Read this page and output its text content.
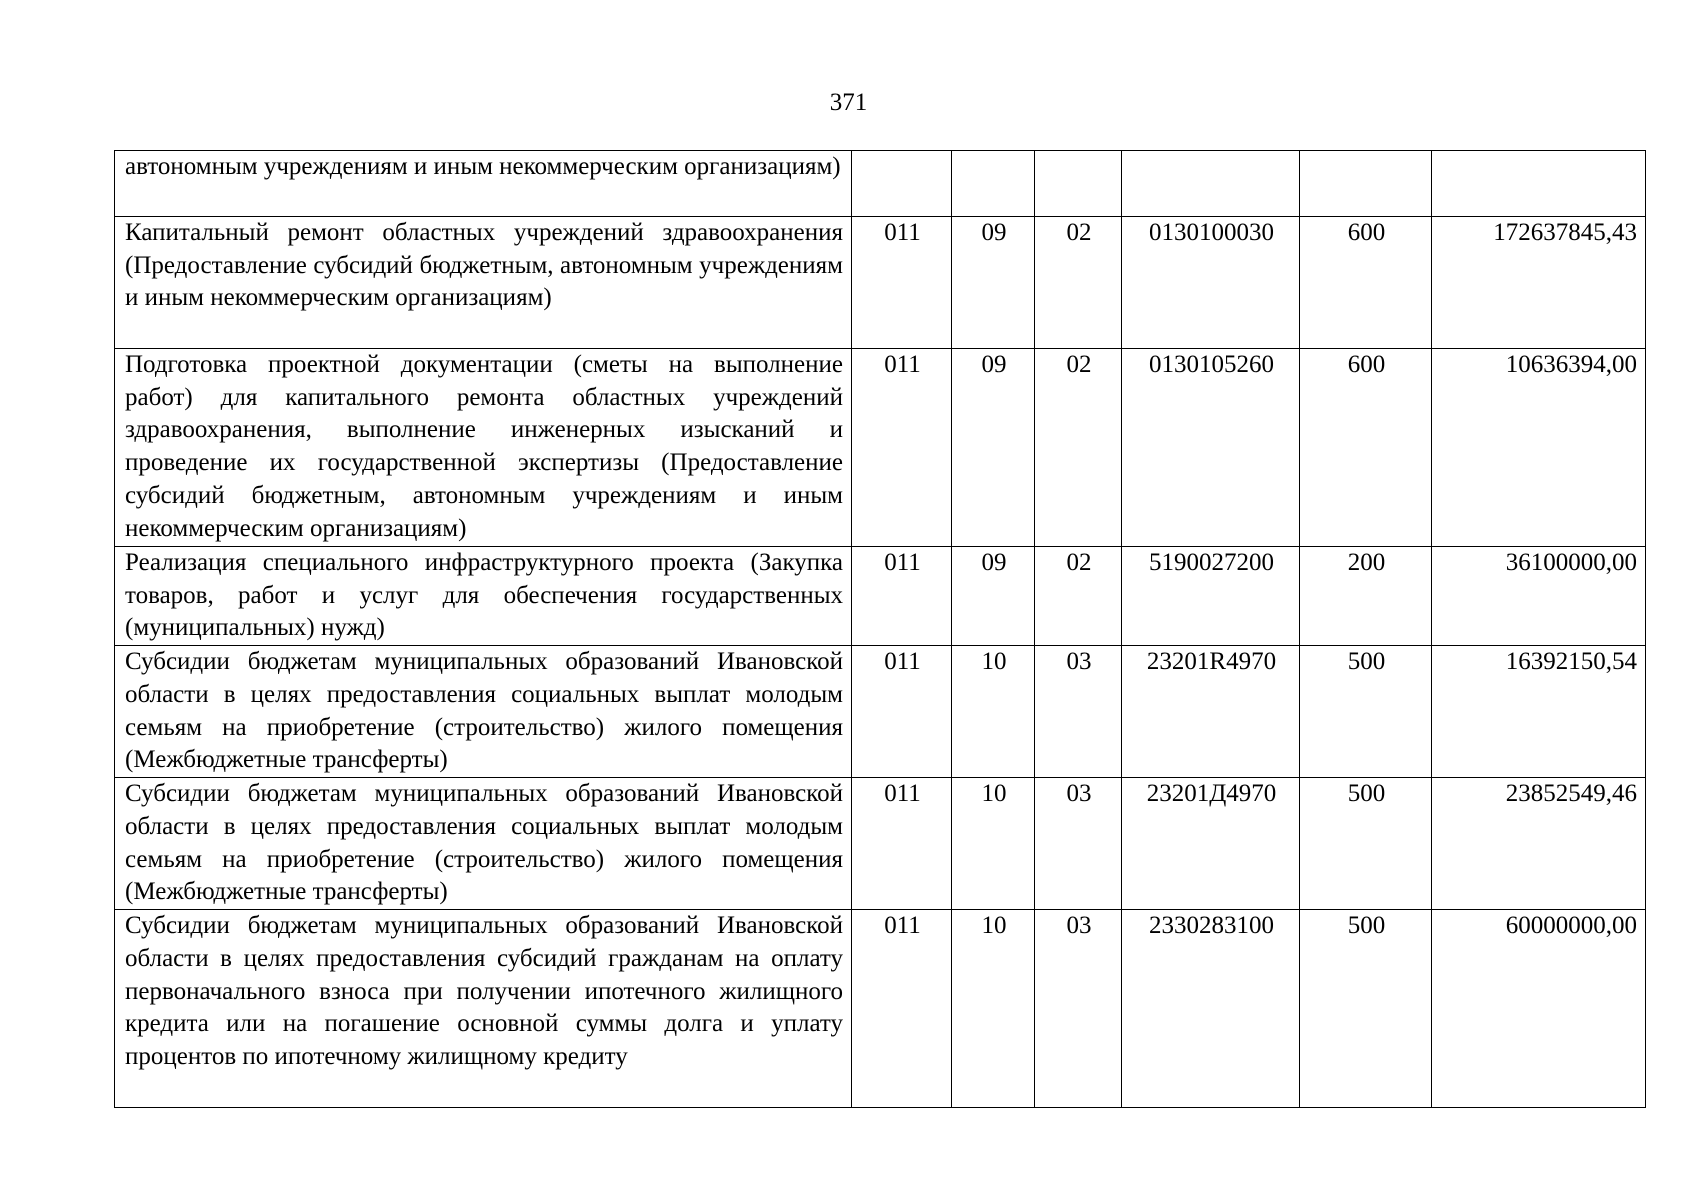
371
автономным учреждениям и иным некоммерческим организациям)						
Капитальный ремонт областных учреждений здравоохранения (Предоставление субсидий бюджетным, автономным учреждениям и иным некоммерческим организациям)	011	09	02	0130100030	600	172637845,43
Подготовка проектной документации (сметы на выполнение работ) для капитального ремонта областных учреждений здравоохранения, выполнение инженерных изысканий и проведение их государственной экспертизы (Предоставление субсидий бюджетным, автономным учреждениям и иным некоммерческим организациям)	011	09	02	0130105260	600	10636394,00
Реализация специального инфраструктурного проекта (Закупка товаров, работ и услуг для обеспечения государственных (муниципальных) нужд)	011	09	02	5190027200	200	36100000,00
Субсидии бюджетам муниципальных образований Ивановской области в целях предоставления социальных выплат молодым семьям на приобретение (строительство) жилого помещения (Межбюджетные трансферты)	011	10	03	23201R4970	500	16392150,54
Субсидии бюджетам муниципальных образований Ивановской области в целях предоставления социальных выплат молодым семьям на приобретение (строительство) жилого помещения (Межбюджетные трансферты)	011	10	03	23201Д4970	500	23852549,46
Субсидии бюджетам муниципальных образований Ивановской области в целях предоставления субсидий гражданам на оплату первоначального взноса при получении ипотечного жилищного кредита или на погашение основной суммы долга и уплату процентов по ипотечному жилищному кредиту	011	10	03	2330283100	500	60000000,00
